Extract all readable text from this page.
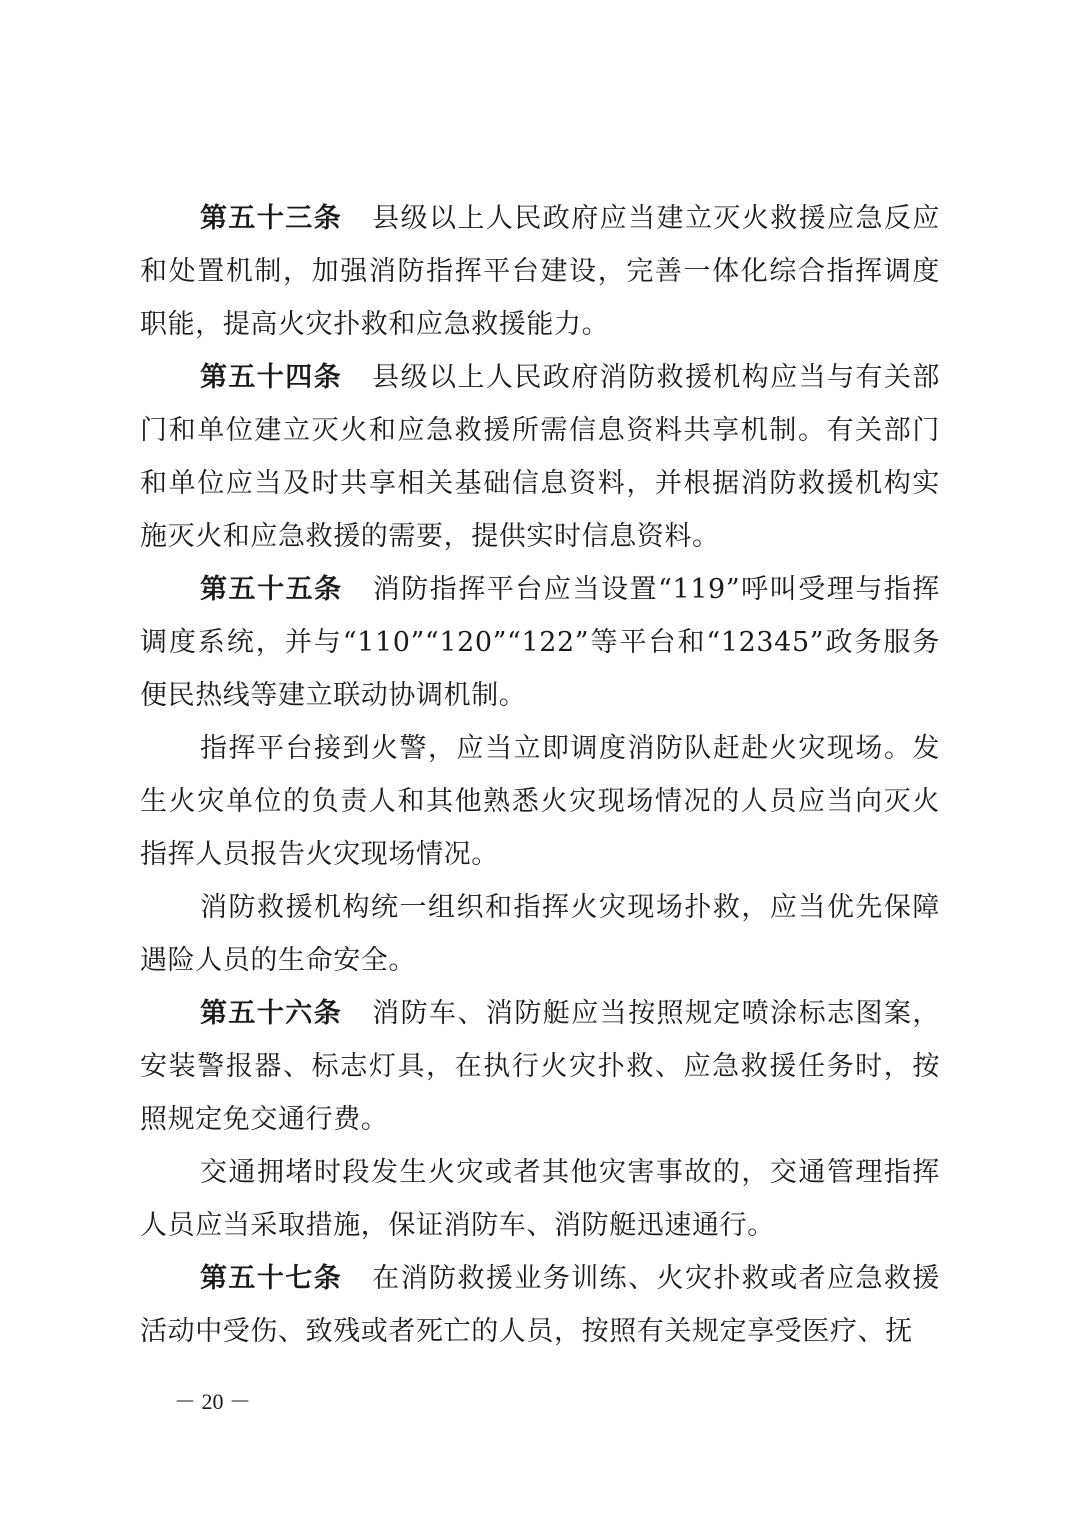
第五十三条 县级以上人民政府应当建立灭火救援应急反应和处置机制，加强消防指挥平台建设，完善一体化综合指挥调度职能，提高火灾扑救和应急救援能力。

第五十四条 县级以上人民政府消防救援机构应当与有关部门和单位建立灭火和应急救援所需信息资料共享机制。有关部门和单位应当及时共享相关基础信息资料，并根据消防救援机构实施灭火和应急救援的需要，提供实时信息资料。

第五十五条 消防指挥平台应当设置“119”呼叫受理与指挥调度系统，并与“110”“120”“122”等平台和“12345”政务服务便民热线等建立联动协调机制。

指挥平台接到火警，应当立即调度消防队赶赴火灾现场。发生火灾单位的负责人和其他熟悉火灾现场情况的人员应当向灭火指挥人员报告火灾现场情况。

消防救援机构统一组织和指挥火灾现场扑救，应当优先保障遇险人员的生命安全。

第五十六条 消防车、消防艇应当按照规定喷涂标志图案，安装警报器、标志灯具，在执行火灾扑救、应急救援任务时，按照规定免交通行费。

交通拥堵时段发生火灾或者其他灾害事故的，交通管理指挥人员应当采取措施，保证消防车、消防艇迅速通行。

第五十七条 在消防救援业务训练、火灾扑救或者应急救援活动中受伤、致残或者死亡的人员，按照有关规定享受医疗、抚

－ 20 －
